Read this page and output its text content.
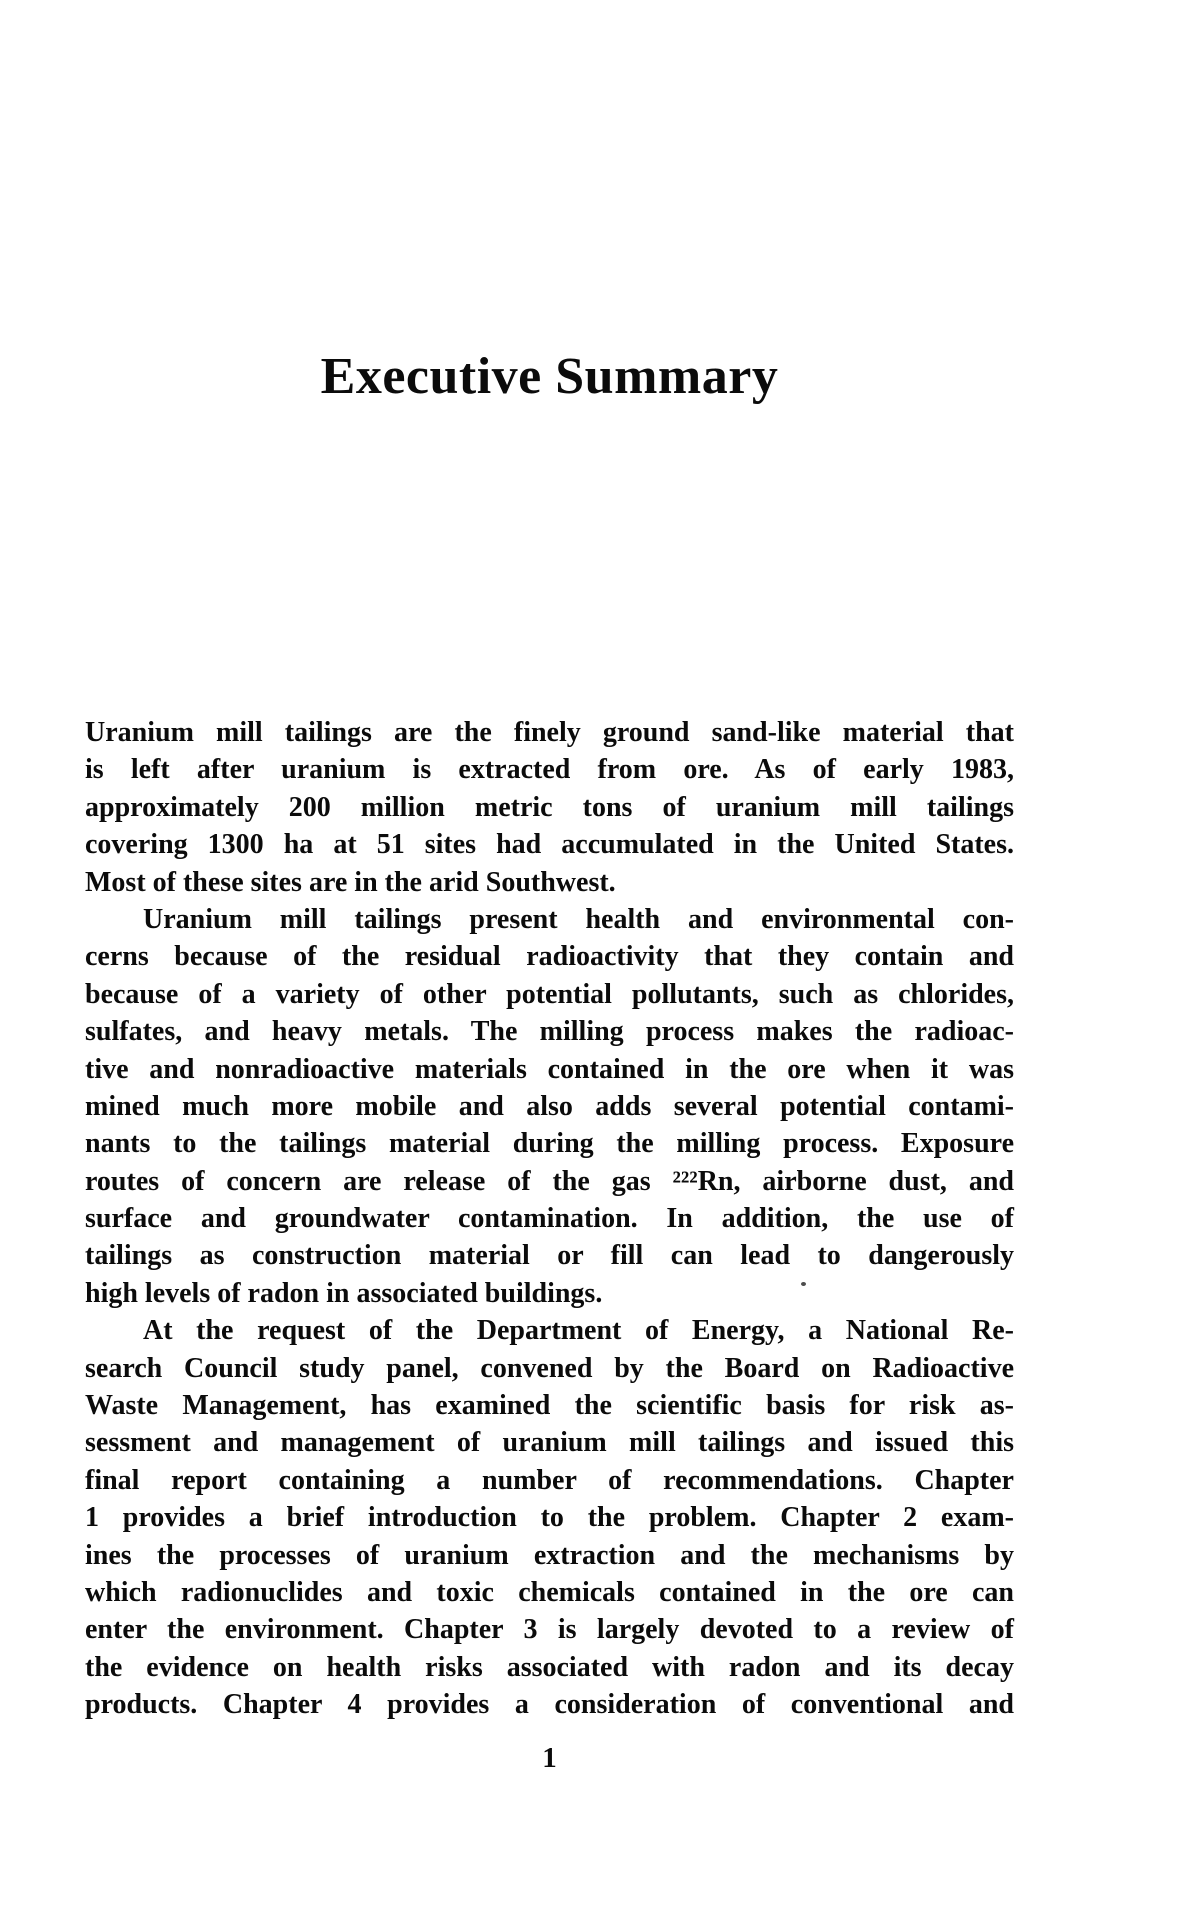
Executive Summary
Uranium mill tailings are the finely ground sand-like material that
is left after uranium is extracted from ore. As of early 1983,
approximately 200 million metric tons of uranium mill tailings
covering 1300 ha at 51 sites had accumulated in the United States.
Most of these sites are in the arid Southwest.
Uranium mill tailings present health and environmental con-
cerns because of the residual radioactivity that they contain and
because of a variety of other potential pollutants, such as chlorides,
sulfates, and heavy metals. The milling process makes the radioac-
tive and nonradioactive materials contained in the ore when it was
mined much more mobile and also adds several potential contami-
nants to the tailings material during the milling process. Exposure
routes of concern are release of the gas ²²²Rn, airborne dust, and
surface and groundwater contamination. In addition, the use of
tailings as construction material or fill can lead to dangerously
high levels of radon in associated buildings.
At the request of the Department of Energy, a National Re-
search Council study panel, convened by the Board on Radioactive
Waste Management, has examined the scientific basis for risk as-
sessment and management of uranium mill tailings and issued this
final report containing a number of recommendations. Chapter
1 provides a brief introduction to the problem. Chapter 2 exam-
ines the processes of uranium extraction and the mechanisms by
which radionuclides and toxic chemicals contained in the ore can
enter the environment. Chapter 3 is largely devoted to a review of
the evidence on health risks associated with radon and its decay
products. Chapter 4 provides a consideration of conventional and
1
